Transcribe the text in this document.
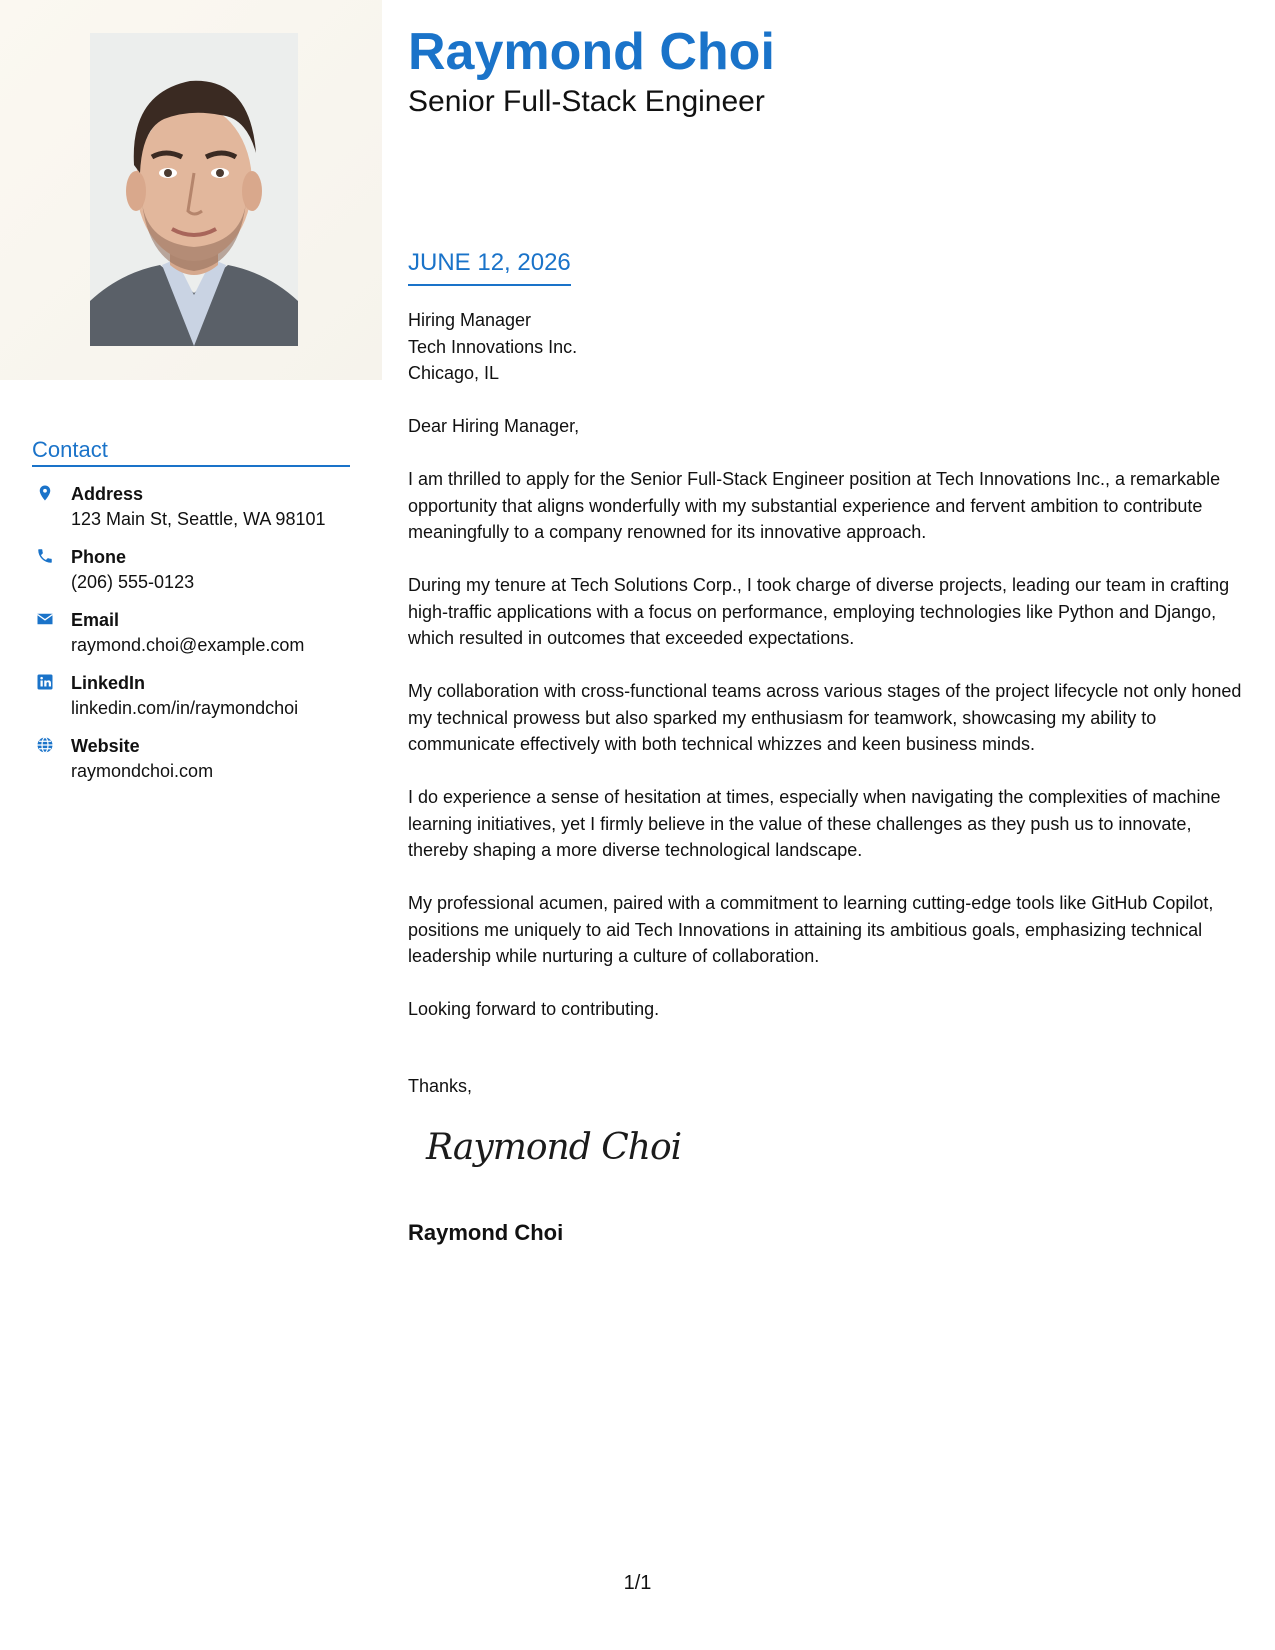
Contact
Address
123 Main St, Seattle, WA 98101
Phone
(206) 555-0123
Email
raymond.choi@example.com
LinkedIn
linkedin.com/in/raymondchoi
Website
raymondchoi.com
Raymond Choi
Senior Full-Stack Engineer
JUNE 12, 2026
Hiring Manager
Tech Innovations Inc.
Chicago, IL

Dear Hiring Manager,

I am thrilled to apply for the Senior Full-Stack Engineer position at Tech Innovations Inc., a remarkable opportunity that aligns wonderfully with my substantial experience and fervent ambition to contribute meaningfully to a company renowned for its innovative approach.

During my tenure at Tech Solutions Corp., I took charge of diverse projects, leading our team in crafting high-traffic applications with a focus on performance, employing technologies like Python and Django, which resulted in outcomes that exceeded expectations.

My collaboration with cross-functional teams across various stages of the project lifecycle not only honed my technical prowess but also sparked my enthusiasm for teamwork, showcasing my ability to communicate effectively with both technical whizzes and keen business minds.

I do experience a sense of hesitation at times, especially when navigating the complexities of machine learning initiatives, yet I firmly believe in the value of these challenges as they push us to innovate, thereby shaping a more diverse technological landscape.

My professional acumen, paired with a commitment to learning cutting-edge tools like GitHub Copilot, positions me uniquely to aid Tech Innovations in attaining its ambitious goals, emphasizing technical leadership while nurturing a culture of collaboration.

Looking forward to contributing.

Thanks,
Raymond Choi
Raymond Choi
1/1
